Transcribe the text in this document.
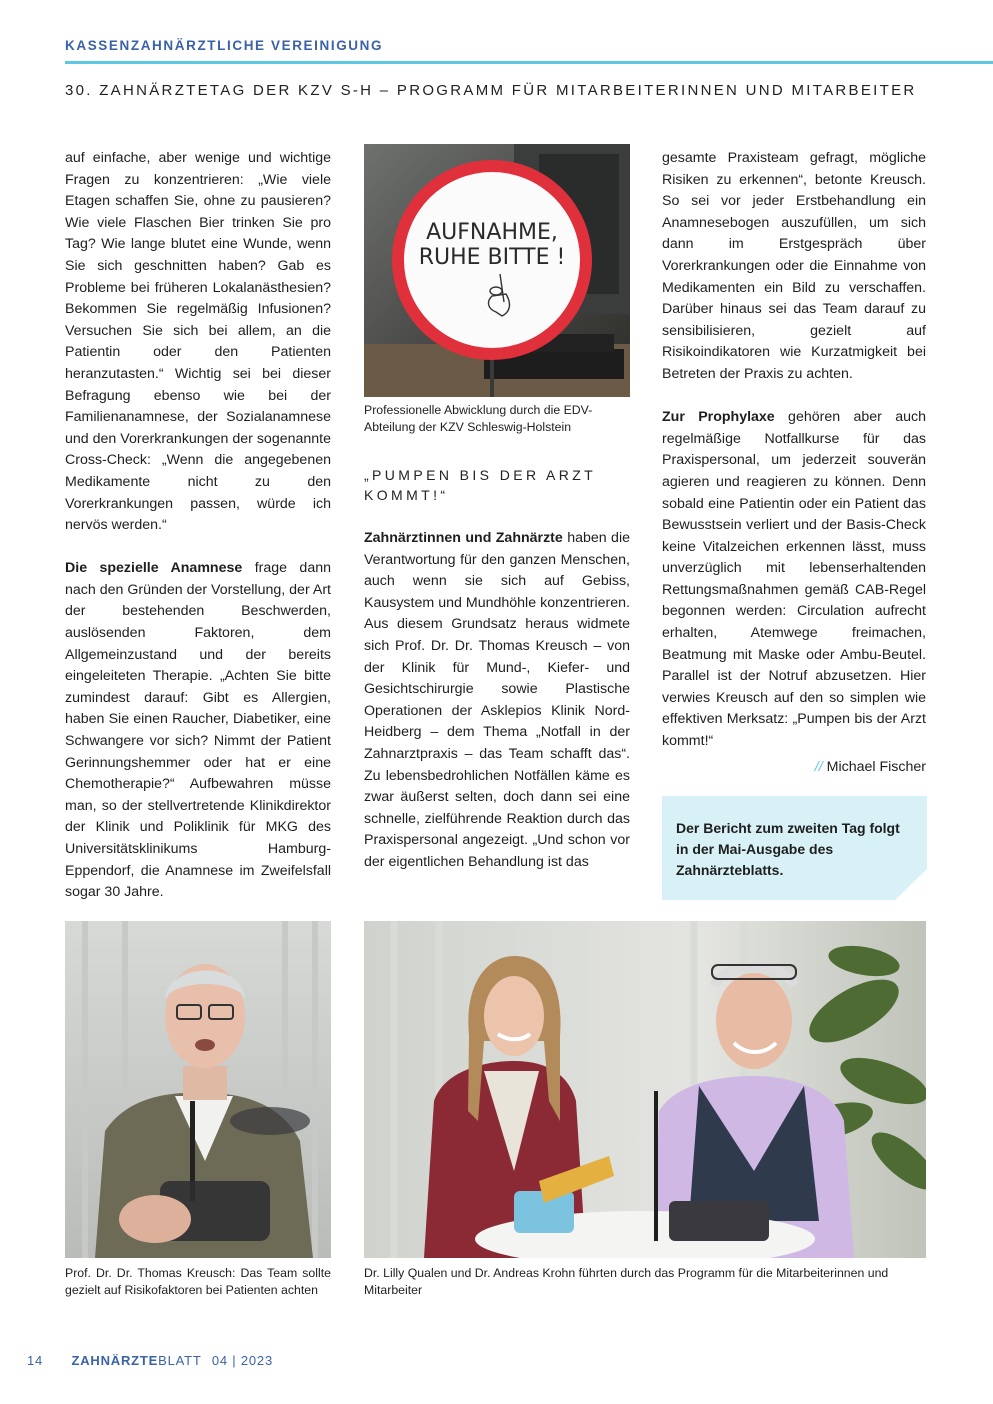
KASSENZAHNÄRZTLICHE VEREINIGUNG
30. ZAHNÄRZTETAG DER KZV S-H – PROGRAMM FÜR MITARBEITERINNEN UND MITARBEITER

auf einfache, aber wenige und wichtige Fragen zu konzentrieren: „Wie viele Etagen schaffen Sie, ohne zu pausieren? Wie viele Flaschen Bier trinken Sie pro Tag? Wie lange blutet eine Wunde, wenn Sie sich geschnitten haben? Gab es Probleme bei früheren Lokalanästhesien? Bekommen Sie regelmäßig Infusionen? Versuchen Sie sich bei allem, an die Patientin oder den Patienten heranzutasten.“ Wichtig sei bei dieser Befragung ebenso wie bei der Familienanamnese, der Sozialanamnese und den Vorerkrankungen der sogenannte Cross-Check: „Wenn die angegebenen Medikamente nicht zu den Vorerkrankungen passen, würde ich nervös werden.“

Die spezielle Anamnese frage dann nach den Gründen der Vorstellung, der Art der bestehenden Beschwerden, auslösenden Faktoren, dem Allgemeinzustand und der bereits eingeleiteten Therapie. „Achten Sie bitte zumindest darauf: Gibt es Allergien, haben Sie einen Raucher, Diabetiker, eine Schwangere vor sich? Nimmt der Patient Gerinnungshemmer oder hat er eine Chemotherapie?“ Aufbewahren müsse man, so der stellvertretende Klinikdirektor der Klinik und Poliklinik für MKG des Universitätsklinikums Hamburg- Eppendorf, die Anamnese im Zweifelsfall sogar 30 Jahre.

AUFNAHME,
RUHE BITTE !
Professionelle Abwicklung durch die EDV-Abteilung der KZV Schleswig-Holstein
„PUMPEN BIS DER ARZT KOMMT!“

Zahnärztinnen und Zahnärzte haben die Verantwortung für den ganzen Menschen, auch wenn sie sich auf Gebiss, Kausystem und Mundhöhle konzentrieren. Aus diesem Grundsatz heraus widmete sich Prof. Dr. Dr. Thomas Kreusch – von der Klinik für Mund-, Kiefer- und Gesichtschirurgie sowie Plastische Operationen der Asklepios Klinik Nord-Heidberg – dem Thema „Notfall in der Zahnarztpraxis – das Team schafft das“. Zu lebensbedrohlichen Notfällen käme es zwar äußerst selten, doch dann sei eine schnelle, zielführende Reaktion durch das Praxispersonal angezeigt. „Und schon vor der eigentlichen Behandlung ist das

gesamte Praxisteam gefragt, mögliche Risiken zu erkennen“, betonte Kreusch. So sei vor jeder Erstbehandlung ein Anamnesebogen auszufüllen, um sich dann im Erstgespräch über Vorerkrankungen oder die Einnahme von Medikamenten ein Bild zu verschaffen. Darüber hinaus sei das Team darauf zu sensibilisieren, gezielt auf Risikoindikatoren wie Kurzatmigkeit bei Betreten der Praxis zu achten.

Zur Prophylaxe gehören aber auch regelmäßige Notfallkurse für das Praxispersonal, um jederzeit souverän agieren und reagieren zu können. Denn sobald eine Patientin oder ein Patient das Bewusstsein verliert und der Basis-Check keine Vitalzeichen erkennen lässt, muss unverzüglich mit lebenserhaltenden Rettungsmaßnahmen gemäß CAB-Regel begonnen werden: Circulation aufrecht erhalten, Atemwege freimachen, Beatmung mit Maske oder Ambu-Beutel. Parallel ist der Notruf abzusetzen. Hier verwies Kreusch auf den so simplen wie effektiven Merksatz: „Pumpen bis der Arzt kommt!“

// Michael Fischer
Der Bericht zum zweiten Tag folgt in der Mai-Ausgabe des Zahnärzteblatts.
Prof. Dr. Dr. Thomas Kreusch: Das Team sollte gezielt auf Risikofaktoren bei Patienten achten
Dr. Lilly Qualen und Dr. Andreas Krohn führten durch das Programm für die Mitarbeiterinnen und Mitarbeiter
14 ZAHNÄRZTEBLATT 04 | 2023
